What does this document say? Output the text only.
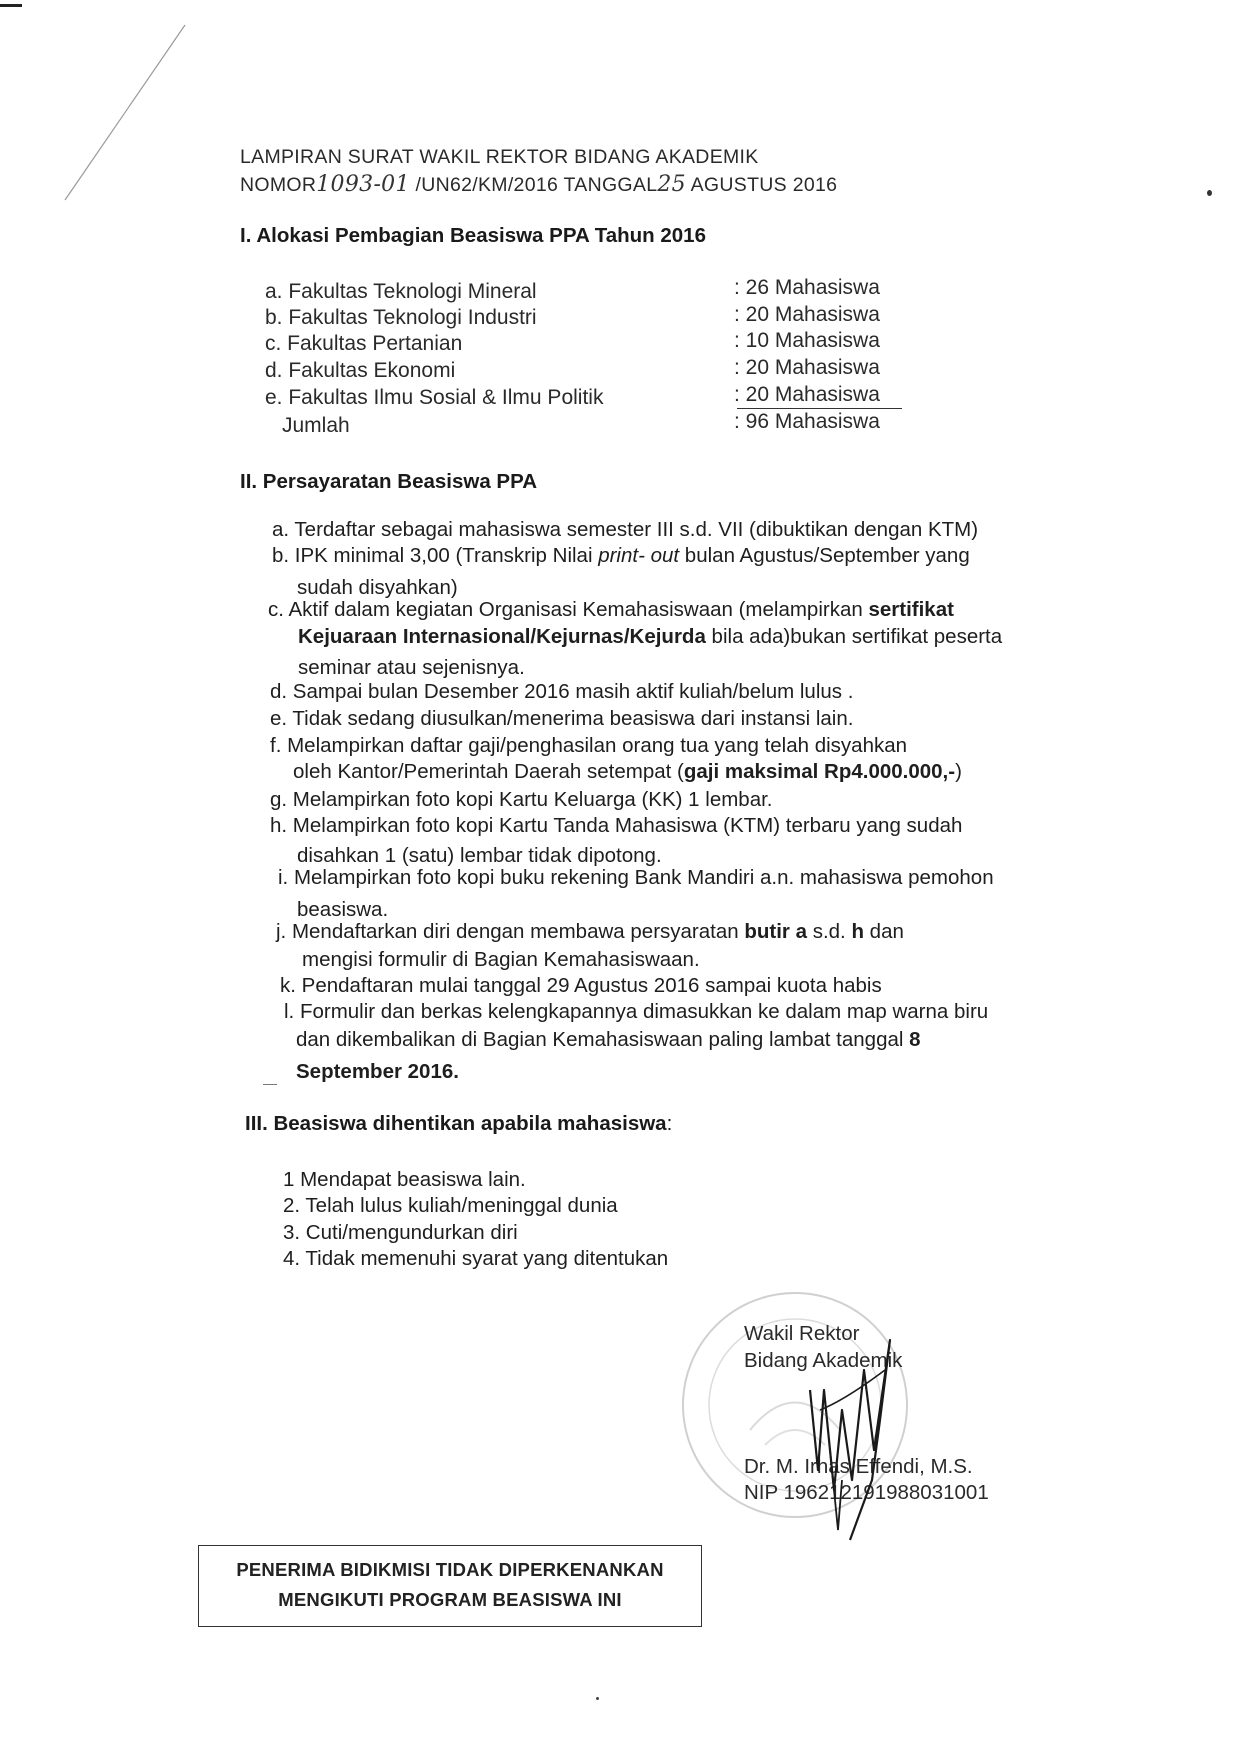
LAMPIRAN SURAT WAKIL REKTOR BIDANG AKADEMIK
NOMOR1093-01 /UN62/KM/2016 TANGGAL25 AGUSTUS 2016
I. Alokasi Pembagian Beasiswa PPA Tahun 2016
a. Fakultas Teknologi Mineral	: 26 Mahasiswa
b. Fakultas Teknologi Industri	: 20 Mahasiswa
c. Fakultas Pertanian	: 10 Mahasiswa
d. Fakultas Ekonomi	: 20 Mahasiswa
e. Fakultas Ilmu Sosial & Ilmu Politik	: 20 Mahasiswa
Jumlah	: 96 Mahasiswa
II. Persayaratan Beasiswa PPA
a. Terdaftar sebagai mahasiswa semester III s.d. VII (dibuktikan dengan KTM)
b. IPK minimal 3,00 (Transkrip Nilai print- out bulan Agustus/September yang
sudah disyahkan)
c. Aktif dalam kegiatan Organisasi Kemahasiswaan (melampirkan sertifikat
Kejuaraan Internasional/Kejurnas/Kejurda bila ada)bukan sertifikat peserta
seminar atau sejenisnya.
d. Sampai bulan Desember 2016 masih aktif kuliah/belum lulus .
e. Tidak sedang diusulkan/menerima beasiswa dari instansi lain.
f. Melampirkan daftar gaji/penghasilan orang tua yang telah disyahkan
oleh Kantor/Pemerintah Daerah setempat (gaji maksimal Rp4.000.000,-)
g. Melampirkan foto kopi Kartu Keluarga (KK) 1 lembar.
h. Melampirkan foto kopi Kartu Tanda Mahasiswa (KTM) terbaru yang sudah
disahkan 1 (satu) lembar tidak dipotong.
i. Melampirkan foto kopi buku rekening Bank Mandiri a.n. mahasiswa pemohon
beasiswa.
j. Mendaftarkan diri dengan membawa persyaratan butir a s.d. h dan
mengisi formulir di Bagian Kemahasiswaan.
k. Pendaftaran mulai tanggal 29 Agustus 2016 sampai kuota habis
l. Formulir dan berkas kelengkapannya dimasukkan ke dalam map warna biru
dan dikembalikan di Bagian Kemahasiswaan paling lambat tanggal 8
September 2016.
III. Beasiswa dihentikan apabila mahasiswa:
1 Mendapat beasiswa lain.
2. Telah lulus kuliah/meninggal dunia
3. Cuti/mengundurkan diri
4. Tidak memenuhi syarat yang ditentukan
Wakil Rektor
Bidang Akademik
Dr. M. Irhas Effendi, M.S.
NIP 196212191988031001
PENERIMA BIDIKMISI TIDAK DIPERKENANKAN
MENGIKUTI PROGRAM BEASISWA INI
